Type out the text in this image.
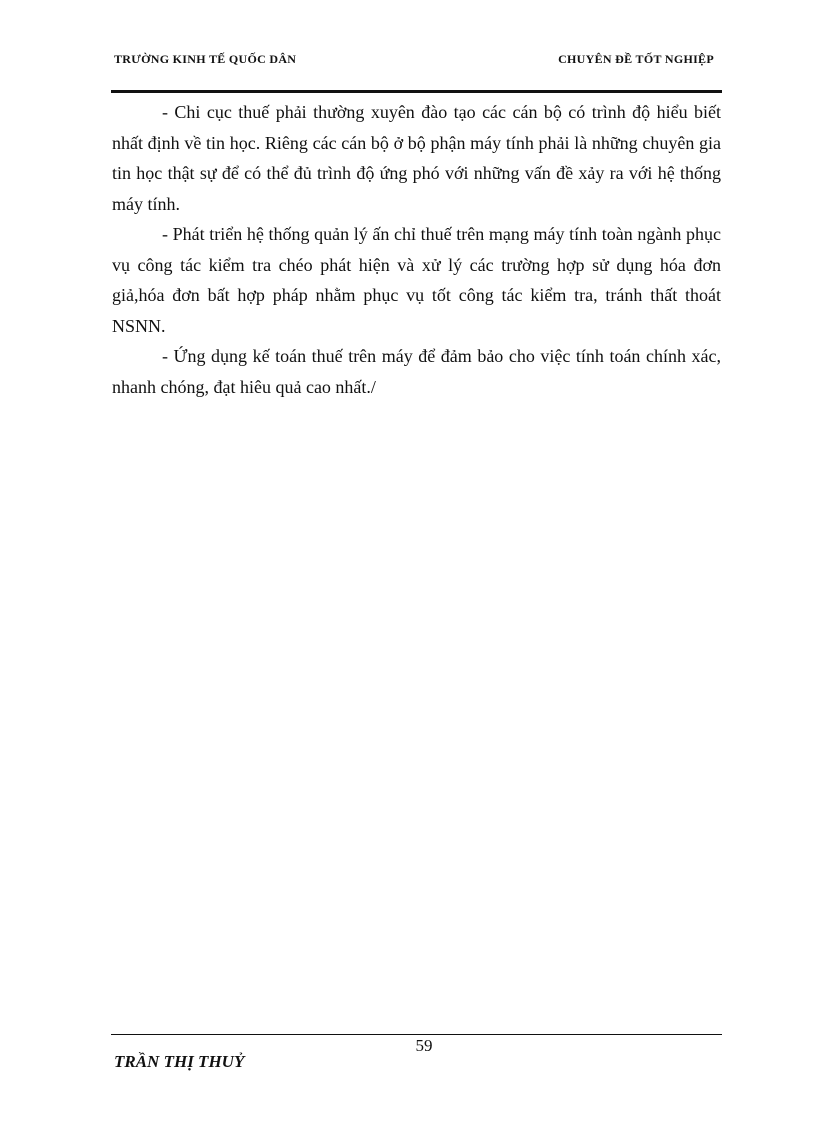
TRƯỜNG KINH TẾ QUỐC DÂN	CHUYÊN ĐỀ TỐT NGHIỆP

- Chi cục thuế phải thường xuyên đào tạo các cán bộ có trình độ hiểu biết nhất định về tin học. Riêng các cán bộ ở bộ phận máy tính phải là những chuyên gia tin học thật sự để có thể đủ trình độ ứng phó với những vấn đề xảy ra với hệ thống máy tính.

- Phát triển hệ thống quản lý ấn chỉ thuế trên mạng máy tính toàn ngành phục vụ công tác kiểm tra chéo phát hiện và xử lý các trường hợp sử dụng hóa đơn giả,hóa đơn bất hợp pháp nhằm phục vụ tốt công tác kiểm tra, tránh thất thoát NSNN.

- Ứng dụng kế toán thuế trên máy để đảm bảo cho việc tính toán chính xác, nhanh chóng, đạt hiêu quả cao nhất./

59
TRẦN THỊ THUỶ
